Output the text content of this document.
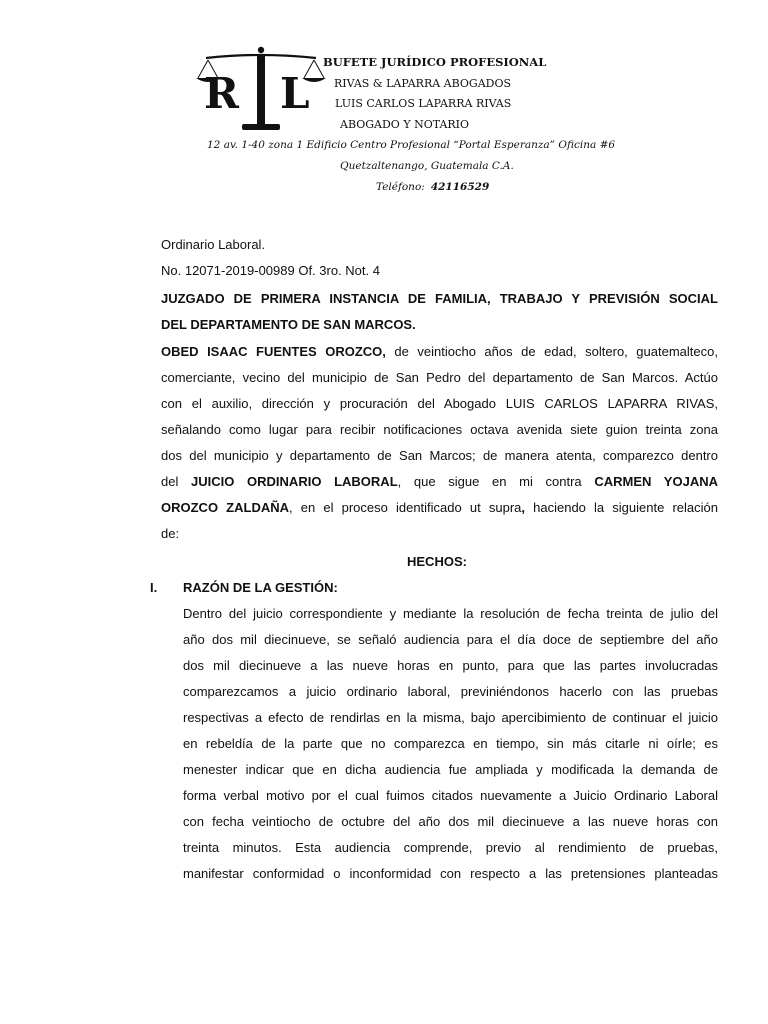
R L
BUFETE JURÍDICO PROFESIONAL
RIVAS & LAPARRA ABOGADOS
LUIS CARLOS LAPARRA RIVAS
ABOGADO Y NOTARIO
12 av. 1-40 zona 1 Edificio Centro Profesional “Portal Esperanza” Oficina #6
Quetzaltenango, Guatemala C.A.
Teléfono: 42116529
Ordinario Laboral.
No. 12071-2019-00989 Of. 3ro. Not. 4
JUZGADO DE PRIMERA INSTANCIA DE FAMILIA, TRABAJO Y PREVISIÓN SOCIAL
DEL DEPARTAMENTO DE SAN MARCOS.
OBED ISAAC FUENTES OROZCO, de veintiocho años de edad, soltero, guatemalteco,
comerciante, vecino del municipio de San Pedro del departamento de San Marcos. Actúo
con el auxilio, dirección y procuración del Abogado LUIS CARLOS LAPARRA RIVAS,
señalando como lugar para recibir notificaciones octava avenida siete guion treinta zona
dos del municipio y departamento de San Marcos; de manera atenta, comparezco dentro
del JUICIO ORDINARIO LABORAL, que sigue en mi contra CARMEN YOJANA
OROZCO ZALDAÑA, en el proceso identificado ut supra, haciendo la siguiente relación
de:
HECHOS:
I. RAZÓN DE LA GESTIÓN:
Dentro del juicio correspondiente y mediante la resolución de fecha treinta de julio del
año dos mil diecinueve, se señaló audiencia para el día doce de septiembre del año
dos mil diecinueve a las nueve horas en punto, para que las partes involucradas
comparezcamos a juicio ordinario laboral, previniéndonos hacerlo con las pruebas
respectivas a efecto de rendirlas en la misma, bajo apercibimiento de continuar el juicio
en rebeldía de la parte que no comparezca en tiempo, sin más citarle ni oírle; es
menester indicar que en dicha audiencia fue ampliada y modificada la demanda de
forma verbal motivo por el cual fuimos citados nuevamente a Juicio Ordinario Laboral
con fecha veintiocho de octubre del año dos mil diecinueve a las nueve horas con
treinta minutos. Esta audiencia comprende, previo al rendimiento de pruebas,
manifestar conformidad o inconformidad con respecto a las pretensiones planteadas
